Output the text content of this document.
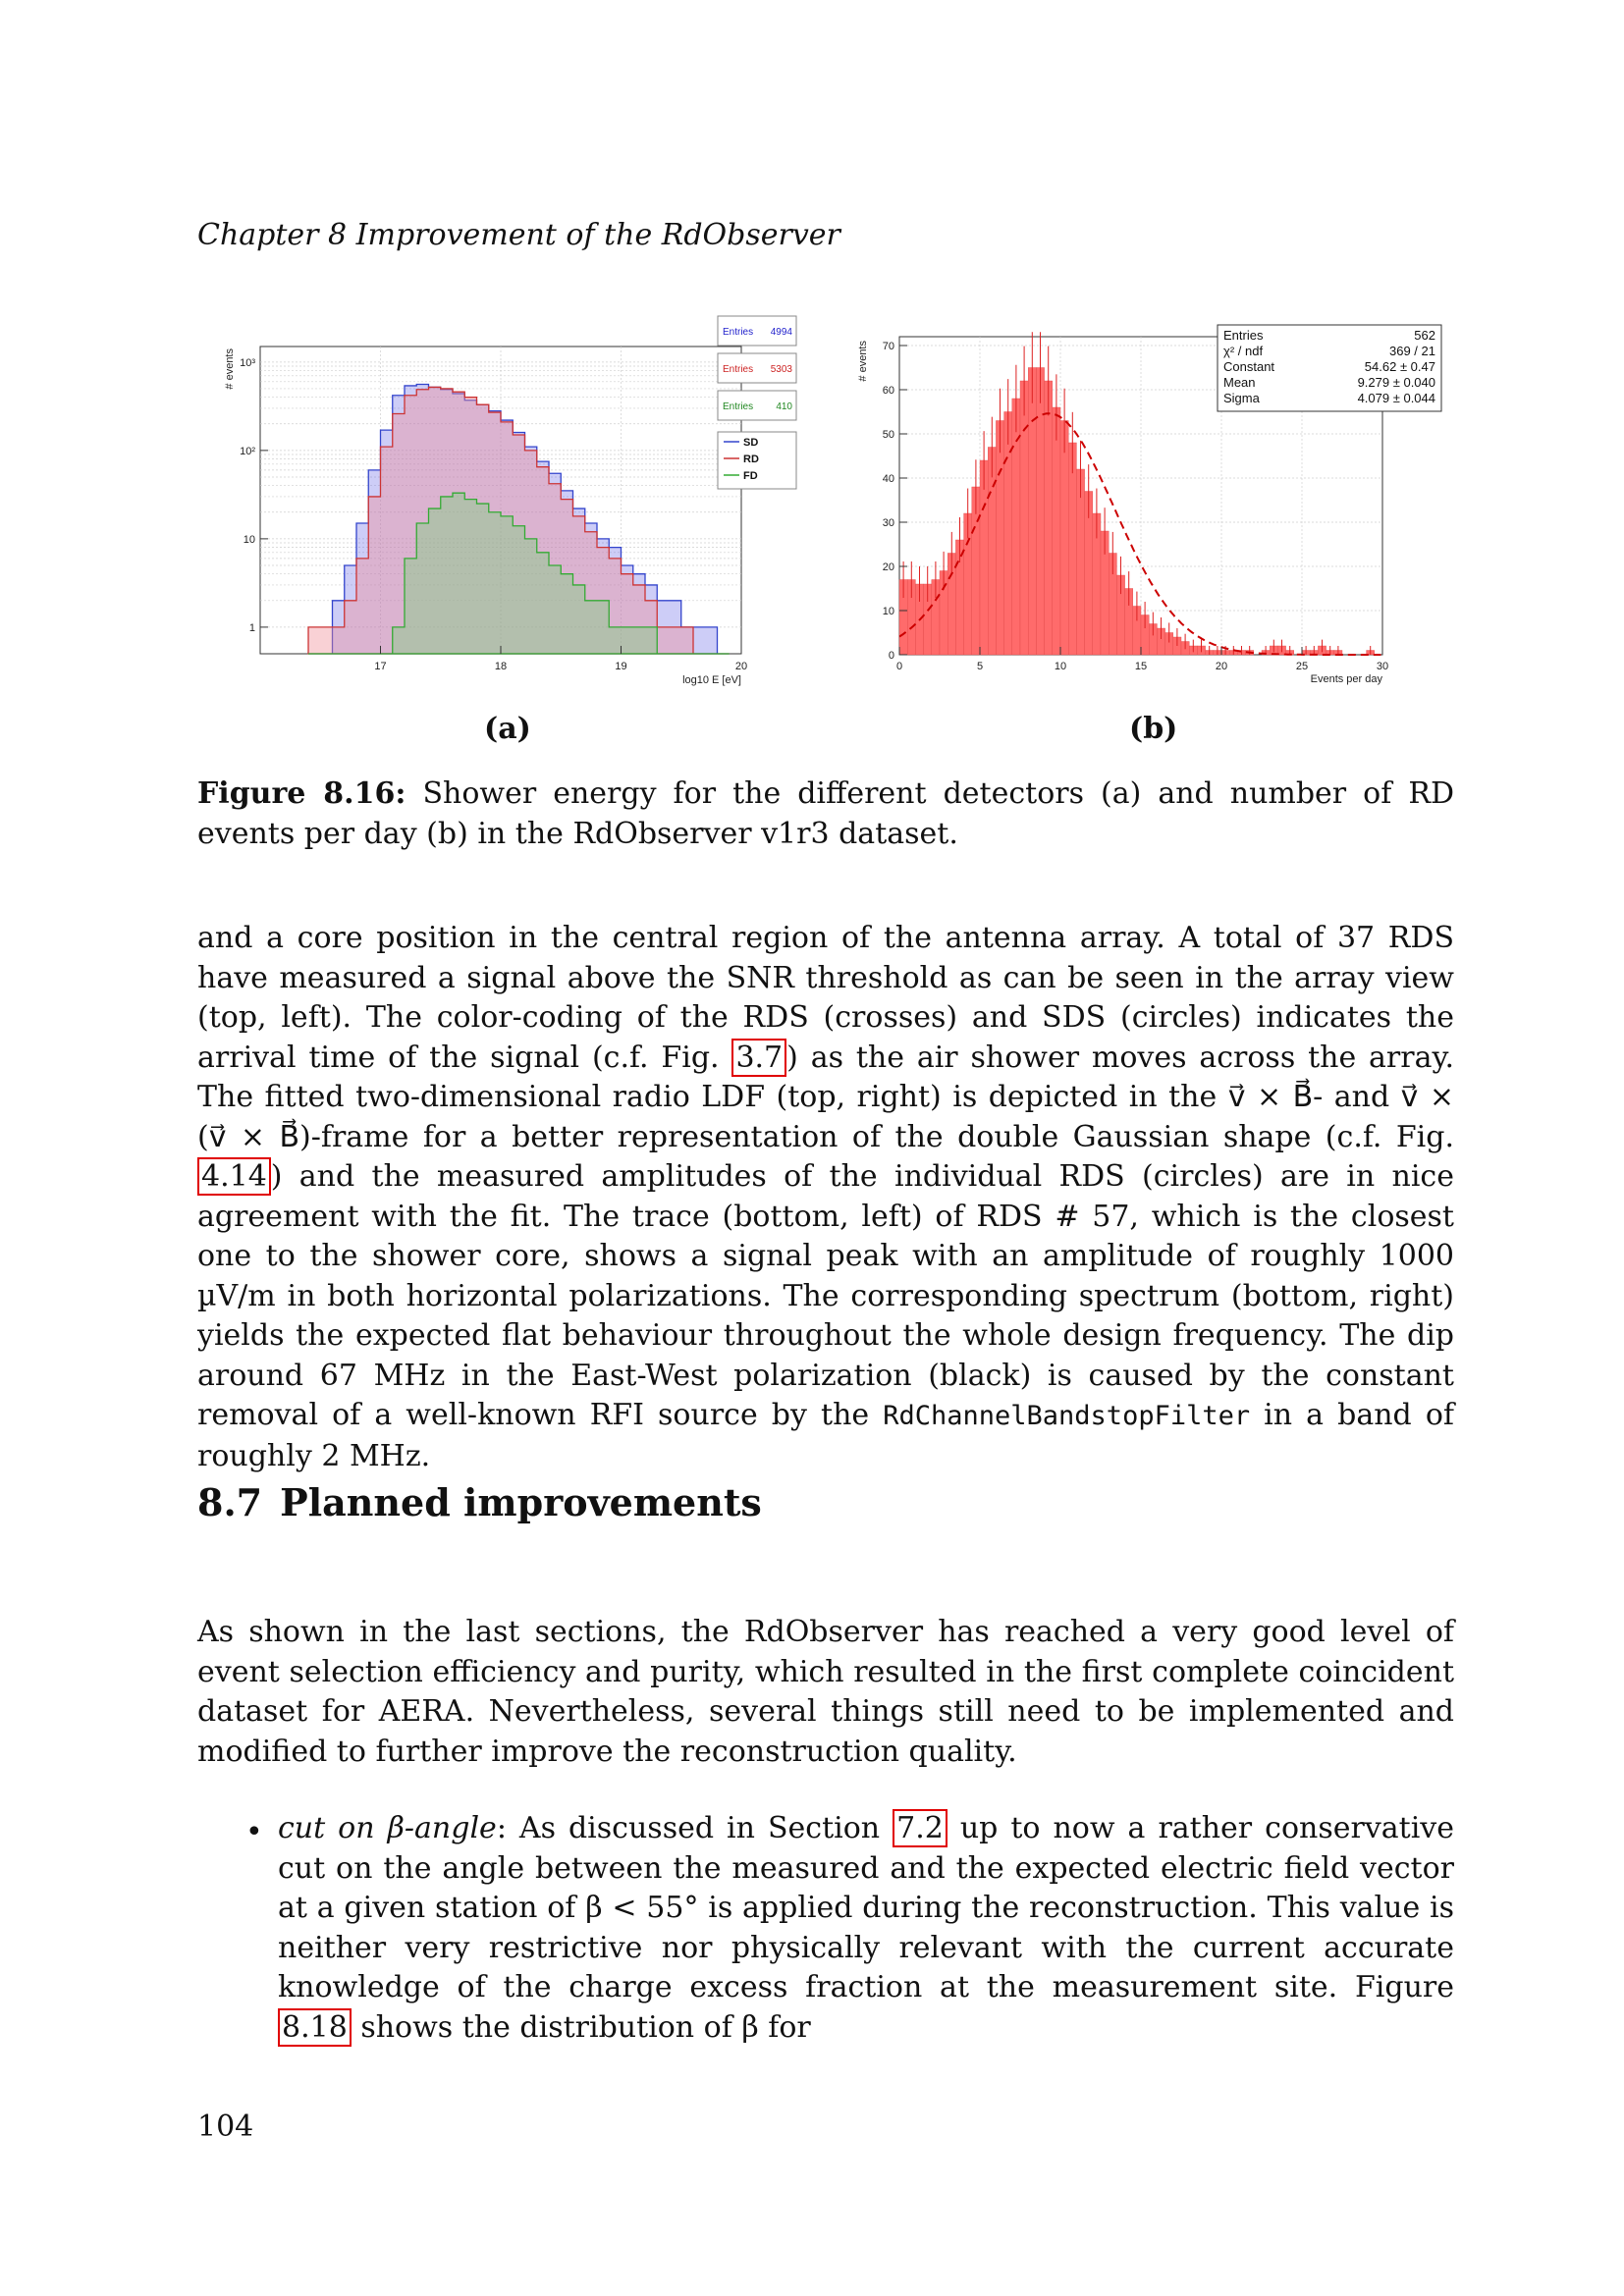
Chapter 8 Improvement of the RdObserver
17	18	19	20
1
10
10²
10³
# events
log10 E [eV]
Entries 4994
Entries 5303
Entries 410
SD
RD
FD
0	5	10	15	20	25	30
0
10
20
30
40
50
60
70
# events
Events per day
Entries	562
χ² / ndf	369 / 21
Constant	54.62 ± 0.47
Mean	9.279 ± 0.040
Sigma	4.079 ± 0.044
(a)	(b)
Figure 8.16: Shower energy for the different detectors (a) and number of RD events per day (b) in the RdObserver v1r3 dataset.
and a core position in the central region of the antenna array. A total of 37 RDS have measured a signal above the SNR threshold as can be seen in the array view (top, left). The color-coding of the RDS (crosses) and SDS (circles) indicates the arrival time of the signal (c.f. Fig. 3.7 ) as the air shower moves across the array. The fitted two-dimensional radio LDF (top, right) is depicted in the v⃗ × B⃗- and v⃗ × (v⃗ × B⃗)-frame for a better representation of the double Gaussian shape (c.f. Fig. 4.14 ) and the measured amplitudes of the individual RDS (circles) are in nice agreement with the fit. The trace (bottom, left) of RDS # 57, which is the closest one to the shower core, shows a signal peak with an amplitude of roughly 1000 µV/m in both horizontal polarizations. The corresponding spectrum (bottom, right) yields the expected flat behaviour throughout the whole design frequency. The dip around 67 MHz in the East-West polarization (black) is caused by the constant removal of a well-known RFI source by the RdChannelBandstopFilter in a band of roughly 2 MHz.
8.7 Planned improvements
As shown in the last sections, the RdObserver has reached a very good level of event selection efficiency and purity, which resulted in the first complete coincident dataset for AERA. Nevertheless, several things still need to be implemented and modified to further improve the reconstruction quality.
• cut on β-angle: As discussed in Section 7.2 up to now a rather conservative cut on the angle between the measured and the expected electric field vector at a given station of β < 55° is applied during the reconstruction. This value is neither very restrictive nor physically relevant with the current accurate knowledge of the charge excess fraction at the measurement site. Figure 8.18 shows the distribution of β for
104
